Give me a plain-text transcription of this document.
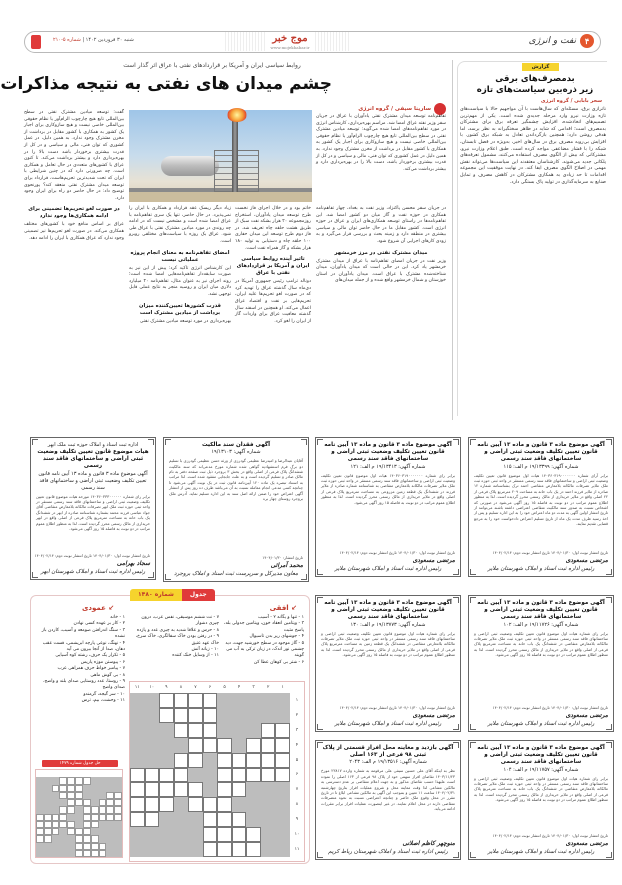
۴
نفت و انرژی
موج خبر
www.mojekhabar.ir
شنبه ۳۰ فروردین ۱۴۰۲ | شماره ۵-۲۱۰
روابط سیاسی ایران و آمریکا بر قراردادهای نفتی با عراق اثر گذار است
چشم میدان های نفتی به نتیجه مذاکرات
سارینا سیفی / گروه انرژی

تفاهم‌نامه توسعه میدان مشترک نفتی یادآوران با عراق در جریان سفر وزیر نفته عراق امضا شد. مراسم بهره‌برداری، کارشناس انرژی در مورد تفاهم‌نامه‌های امضا شده می‌گوید: توسعه میادین مشترک نفتی در سطح بین‌المللی تابع هیچ چارچوب الزام‌آور یا نظام حقوقی بین‌المللی خاصی نیست و هیچ سازوکاری برای اجبار یک کشور به همکاری با کشور مقابل در برداشت از مخزن مشترک وجود ندارد. به همین دلیل در عمل کشوری که توان فنی، مالی و سیاسی و در کل از قدرت بیشتری برخوردار باشد، دست بالا را در بهره‌برداری دارد و بیشتر برداشت می‌کند.

در جریان سفر محسن پاکنژاد، وزیر نفت به بغداد، چهار تفاهم‌نامه همکاری در حوزه نفت و گاز میان دو کشور امضا شد. این تفاهم‌نامه‌ها در راستای توسعه همکاری‌های ایران و عراق در حوزه انرژی است. کشور مقابل ما در حال حاضر توان مالی و سیاسی بیشتری در منطقه دارد و زمینه بحث و بررسی قرار می‌گیرد و به زودی کارهای اجرایی آن شروع شود.

میدان مشترک نفتی در مرز خرمشهر

وزیر نفت در جریان امضای تفاهم‌نامه با عراق از میدان مشترک خرمشهر یاد کرد. این در حالی است که میدان یادآوران، میدان شناخته‌شده مشترک با عراق است. میدان یادآوران در استان خوزستان و شمال خرمشهر واقع شده و از جمله میدان‌های

خاتم بود و در خلال اجرای فاز نخست طرح توسعه میدان یادآوران، استخراج روزمجموعه ۲۰ هزار بشکه نفت سبک از طریق هشت حلقه چاه تعریف شد. در فاز دوم طرح توسعه این میدان حفاری ۱۰۰ حلقه چاه و دستیابی به تولید ۱۸۰ هزار بشکه و گاز همراه نفت است.

تاثیر آینده روابط سیاسی ایران و آمریکا بر قراردادهای نفتی با عراق

دونالد ترامپ رئیس جمهوری آمریکا در دی‌ماه سال گذشته عراق را تهدید کرد که در صورت لغو تحریم‌ها علیه ایران، تحریم‌هایی بر نفت و اقتصاد عراق اعمال می‌کند. او همچنین در اسفند سال گذشته معافیت عراق برای واردات گاز از ایران را لغو کرد.

زیاد دیگر ریسک عقد قرارداد و همکاری با ایران را نمی‌پذیرد. در حال حاضر، تنها یک سری تفاهم‌نامه با عراق امضا شده است و مشخص نیست که در ادامه چه روندی در مورد میادین مشترک نفتی با عراق طی شود. عراق یک روزه با سیاست‌های مختلفی روبرو است.

امضای تفاهم‌نامه به معنای انجام پروژه عملیاتی نیست

این کارشناس انرژی تاکید کرد: پیش از این نیز به صورت سابقه‌دار تفاهم‌نامه‌هایی امضا شده است؛ روند اجرای نیز به عنوان مثال، تفاهم‌نامه ۲۰ میلیارد دلاری میان ایران و روسیه منجر به نتایج عملی قابل توجهی نشد.

قدرت کشورها تعیین‌کننده میزان برداشت از میادین مشترک است

بهره‌برداری در مورد توسعه میادین مشترک نفتی

گفت: توسعه میادین مشترک نفتی در سطح بین‌المللی تابع هیچ چارچوب الزام‌آور یا نظام حقوقی بین‌المللی خاصی نیست و هیچ سازوکاری برای اجبار یک کشور به همکاری با کشور مقابل در برداشت از مخزن مشترک وجود ندارد. به همین دلیل، در عمل کشوری که توان فنی، مالی و سیاسی و در کل از قدرت بیشتری برخوردار باشد دست بالا را در بهره‌برداری دارد و بیشتر برداشت می‌کند. تا کنون عراق با کشورهای متعددی در حال تعامل و همکاری است. چه ضرورتی دارد که در چنین شرایطی با ایران که تحت شدیدترین تحریم‌هاست، قرارداد برای توسعه میدان مشترک نفتی منعقد کند؟ پورنحوی توضیح داد: در حال حاضر دو راه برای ایران وجود دارد.

در صورت لغو تحریم‌ها تضمینی برای ادامه همکاری‌ها وجود ندارد

عراق بر اساس منافع خود با کشورهای مختلف همکاری می‌کند. در صورت لغو تحریم‌ها نیز تضمینی وجود ندارد که عراق همکاری با ایران را ادامه دهد.

گزارش
بدمصرف‌های برقی
زیر ذره‌بین سیاست‌های تازه
سحر بابایی / گروه انرژی
ناترازی برق، مسئله‌ای که سال‌هاست با آن مواجهیم حالا با سیاست‌های تازه وزارت نیرو وارد مرحله جدیدی شده است. یکی از مهم‌ترین تصمیم‌های اتخاذشده، افزایش چشمگیر تعرفه برق برای مشترکان بدمصرف است؛ اقدامی که شاید در ظاهر سختگیرانه به نظر برسد، اما هدفی روشن دارد: همچنین بازگرداندن تعادل به شبکه برق کشور. با افزایش بی‌رویه مصرف برق در سال‌های اخیر، به‌ویژه در فصل تابستان، شبکه را با فشار مضاعفی مواجه کرده است. طبق اعلام وزارت نیرو، مشترکانی که بیش از الگوی مصرف استفاده می‌کنند، مشمول تعرفه‌های پلکانی جدید می‌شوند. کارشناسان معتقدند این سیاست‌ها می‌تواند نقش مهمی در اصلاح الگوی مصرف ایفا کند. در نهایت موفقیت این مجموعه اقدامات تا حد زیادی به همکاری مشترکان در کاهش مصرف و تمایل صنایع به سرمایه‌گذاری در تولید پاک بستگی دارد.
آگهی موضوع ماده ۳ قانون و ماده ۱۳ آیین نامه قانون تعیین تکلیف وضعیت ثبتی اراضی و ساختمانهای فاقد سند رسمی
شماره آگهی: ۱۹/۱۳۳۹۹ م الف: ۱۱۵
برابر آرای شماره ۱۴۰۳۶۰۳۱۹۰۰۰۰۰۰۰ هیات اول موضوع قانون تعیین تکلیف وضعیت ثبتی اراضی و ساختمانهای فاقد سند رسمی مستقر در واحد ثبتی حوزه ثبت ملک ملایر تصرفات مالکانه بلامعارض متقاضی احمد ترک بشناسنامه شماره ۱۲ صادره از ملایر فرزند احمد در یک باب خانه به مساحت ۲۰۹ مترمربع پلاک فرعی از ۲۲ اصلی واقع در ملایر خریداری از مالک رسمی محرز گردیده است. لذا به منظور اطلاع عموم مراتب در دو نوبت به فاصله ۱۵ روز آگهی می‌شود در صورتی که اشخاص نسبت به صدور سند مالکیت متقاضی اعتراضی داشته باشند می‌توانند از تاریخ انتشار اولین آگهی به مدت دو ماه اعتراض خود را به این اداره تسلیم و پس از اخذ رسید ظرف مدت یک ماه از تاریخ تسلیم اعتراض دادخواست خود را به مرجع قضایی تقدیم نمایند.
تاریخ انتشار نوبت اول: ۱۴۰۴/۰۱/۳۰ تاریخ انتشار نوبت دوم: ۱۴۰۴/۰۲/۱۴
مرتضی مسعودی
رئیس اداره ثبت اسناد و املاک شهرستان ملایر
آگهی موضوع ماده ۳ قانون و ماده ۱۳ آیین نامه قانون تعیین تکلیف وضعیت ثبتی اراضی و ساختمانهای فاقد سند رسمی
شماره آگهی: ۱۹/۱۳۴۱۳ م الف: ۱۲۱
برابر رای شماره ۱۴۰۳۶۰۳۱۹۰۰۰۰۰۰۰ هیات اول موضوع قانون تعیین تکلیف وضعیت ثبتی اراضی و ساختمانهای فاقد سند رسمی مستقر در واحد ثبتی حوزه ثبت ملک ملایر تصرفات مالکانه بلامعارض متقاضی به شناسنامه شماره صادره از ملایر فرزند در ششدانگ یک قطعه زمین مزروعی به مساحت مترمربع پلاک فرعی از اصلی واقع در ملایر خریداری از مالک رسمی محرز گردیده است. لذا به منظور اطلاع عموم مراتب در دو نوبت به فاصله ۱۵ روز آگهی می‌شود.
تاریخ انتشار نوبت اول: ۱۴۰۴/۰۱/۳۰ تاریخ انتشار نوبت دوم: ۱۴۰۴/۰۲/۱۴
مرتضی مسعودی
رئیس اداره ثبت اسناد و املاک شهرستان ملایر
آگهی فقدان سند مالکیت
شماره آگهی: ۱۹/۱۳۱۰۳
آقایان عبدالرضا و امیدرضا عظیمی گودرزی از ورثه حسن عظیمی گودرزی با تسلیم دو برگ فرم استشهادیه گواهی شده شماره مورخ مدعی‌اند که سند مالکیت ششدانگ پلاک فرعی از اصلی واقع در بخش ۳ بروجرد ذیل ثبت صفحه دفتر به نام مالک صادر و تسلیم گردیده است و به علت جابجایی مفقود شده است. لذا مراتب به استناد تبصره یک ماده ۱۲۰ آیین‌نامه قانون ثبت در یک نوبت آگهی می‌شود تا چنانچه کسی مدعی انجام معامله نسبت به آن می‌باشد ظرف ده روز پس از انتشار آگهی اعتراض خود را ضمن ارائه اصل سند به این اداره تسلیم نماید. آدرس ملک بروجرد روستای چهار بره
تاریخ انتشار: ۱۴۰۴/۰۱/۳۰
محمد آمرائی
معاون مدیرکل و سرپرست ثبت اسناد و املاک بروجرد
اداره ثبت اسناد و املاک حوزه ثبت ملک ابهر
هیات موضوع قانون تعیین تکلیف وضعیت ثبتی اراضی و ساختمانهای فاقد سند رسمی
آگهی موضوع ماده ۳ قانون و ماده ۱۳ آیین نامه قانون تعیین تکلیف وضعیت ثبتی اراضی و ساختمانهای فاقد سند رسمی
برابر رای شماره ۱۴۰۳۶۰۳۳۳۰۰۰۰۰۰ مورخه هیات موضوع قانون تعیین تکلیف وضعیت ثبتی اراضی و ساختمانهای فاقد سند رسمی مستقر در واحد ثبتی حوزه ثبت ملک ابهر تصرفات مالکانه بلامعارض متقاضی آقای جواد عباسی فرزند محمد بشماره شناسنامه صادره از ابهر در ششدانگ یک باب خانه به مساحت مترمربع پلاک فرعی از اصلی واقع در ابهر خریداری از مالک رسمی محرز گردیده است. لذا به منظور اطلاع عموم مراتب در دو نوبت به فاصله ۱۵ روز آگهی می‌شود.
تاریخ انتشار نوبت اول: ۱۴۰۴/۰۱/۳۰ تاریخ انتشار نوبت دوم: ۱۴۰۴/۰۲/۱۴
سجاد بهرامی
رئیس اداره ثبت اسناد و املاک شهرستان ابهر
آگهی موضوع ماده ۳ قانون و ماده ۱۳ آیین نامه قانون تعیین تکلیف وضعیت ثبتی اراضی و ساختمانهای فاقد سند رسمی
شماره آگهی: ۱۹/۱۱۷۲۶ م الف: ۱۰۲
برابر رای شماره هیات اول موضوع قانون تعیین تکلیف وضعیت ثبتی اراضی و ساختمانهای فاقد سند رسمی مستقر در واحد ثبتی حوزه ثبت ملک ملایر تصرفات مالکانه بلامعارض متقاضی در ششدانگ یک باب خانه به مساحت مترمربع پلاک فرعی از اصلی واقع در ملایر خریداری از مالک رسمی محرز گردیده است. لذا به منظور اطلاع عموم مراتب در دو نوبت به فاصله ۱۵ روز آگهی می‌شود.
تاریخ انتشار نوبت اول: ۱۴۰۴/۰۱/۳۰ تاریخ انتشار نوبت دوم: ۱۴۰۴/۰۲/۱۴
مرتضی مسعودی
رئیس اداره ثبت اسناد و املاک شهرستان ملایر
آگهی موضوع ماده ۳ قانون و ماده ۱۳ آیین نامه قانون تعیین تکلیف وضعیت ثبتی اراضی و ساختمانهای فاقد سند رسمی
شماره آگهی: ۱۹/۱۳۷۷۳ م الف: ۱۳۰
برابر رای شماره هیات اول موضوع قانون تعیین تکلیف وضعیت ثبتی اراضی و ساختمانهای فاقد سند رسمی مستقر در واحد ثبتی حوزه ثبت ملک ملایر تصرفات مالکانه بلامعارض متقاضی در ششدانگ یک قطعه زمین به مساحت مترمربع پلاک فرعی از اصلی واقع در ملایر خریداری از مالک رسمی محرز گردیده است. لذا به منظور اطلاع عموم مراتب در دو نوبت به فاصله ۱۵ روز آگهی می‌شود.
تاریخ انتشار نوبت اول: ۱۴۰۴/۰۱/۳۰ تاریخ انتشار نوبت دوم: ۱۴۰۴/۰۲/۱۴
مرتضی مسعودی
رئیس اداره ثبت اسناد و املاک شهرستان ملایر
آگهی موضوع ماده ۳ قانون و ماده ۱۳ آیین نامه قانون تعیین تکلیف وضعیت ثبتی اراضی و ساختمانهای فاقد سند رسمی
شماره آگهی: ۱۹/۱۱۷۵۷ م الف: ۱۰۴
برابر رای شماره هیات اول موضوع قانون تعیین تکلیف وضعیت ثبتی اراضی و ساختمانهای فاقد سند رسمی مستقر در واحد ثبتی حوزه ثبت ملک ملایر تصرفات مالکانه بلامعارض متقاضی در ششدانگ یک باب خانه به مساحت مترمربع پلاک فرعی از اصلی واقع در ملایر خریداری از مالک رسمی محرز گردیده است. لذا به منظور اطلاع عموم مراتب در دو نوبت به فاصله ۱۵ روز آگهی می‌شود.
تاریخ انتشار نوبت اول: ۱۴۰۴/۰۱/۳۰ تاریخ انتشار نوبت دوم: ۱۴۰۴/۰۲/۱۴
مرتضی مسعودی
رئیس اداره ثبت اسناد و املاک شهرستان ملایر
آگهی بازدید و معاینه محل افراز قسمتی از پلاک ثبتی ۹۸ فرعی از ۱۶۳ اصلی
شماره آگهی: ۱۹/۱۳۵۱۶ م الف: ۲۰۴۳
نظر به اینکه آقای علی حسین سیفی علی مرقومه به شماره وارده ۲۳۸۱۷ مورخ ۱۴۰۳/۱۱/۲۳ تقاضای افراز سهمی خود از پلاک ۹۸ فرعی از ۱۶۳ اصلی را نموده است علیهذا حسب تقاضای مذکور و به جهت اعلام متقاضی بر عدم دسترسی به مالکین مشاعی لذا وقت معاینه محل و شروع عملیات افراز بتاریخ چهارشنبه ۱۴۰۴/۰۲/۳۱ ساعت ۱۱ تعیین و بموجب این آگهی به مالکین مشاعی ابلاغ تا در تاریخ مقرر در محل وقوع ملک حاضر و چنانچه اعتراضی نسبت به نحوه متصرفات متقاضی دارند در محل اعلام نمایند. در غیر اینصورت عملیات افراز برابر مقررات ادامه می‌یابد.
منوچهر کاظم اصلانی
رئیس اداره ثبت اسناد و املاک شهرستان رباط کریم
شماره ۱۴۸۰	جدول
↙ افقی
↙ عمودی
۱ - تنها و یگانه ۲ - آسیب
۳ - ویتامین انعقاد خون، ویتامین جدولی بله، پاسخ مثبت
۴ - جوشهای ریز بدن تاسیوال
۵ - گاز موجود در سطح خورشید جهت، دید چشمی نور اندک، در زبان ترکی به آب می گویند
۶ - شتر بی کوهان عطا کن
۷ - نت ششم موسیقی، نفس عرب، درون چیزی دشوار
۸ - حرس و علاقا شدید به چیزی عدد و پازده
۹ - در رفتن بودن خاک سفالگری، خاک سرخ، خاک عهد عتیق
۱۰ - زبانه آتش
۱۱ - از وسایل خنک کننده
۱ - خانه
۲ - کار بر عهده کسی نهادن
۳ - سنگ اندرافتن صومعه و آسیب، کاردن باز نشده
۴ - نهنگ، نوعی پارچه ابریشمی، قست عقب دهان، صدا از آنجا بیرون می آید
۵ - تکرار یک حرف، رشته کوه آسیایی
۶ - پیوستن موزه پاریس
۷ - پیامبر خواط حرف همراهی عرب
۸ - بی گوش ماهی
۹ - روستا، عدد روستایی صدای بلند و واضح، صدای واضح
۱۰ - سر گیجه، گرمندو
۱۱ - وحشت، بیم، ترس
۱
۲
۳
۴
۵
۶
۷
۸
۹
۱۰
۱۱
۱
۲
۳
۴
۵
۶
۷
۸
۹
۱۰
۱۱
حل جدول شماره ۱۴۷۹
